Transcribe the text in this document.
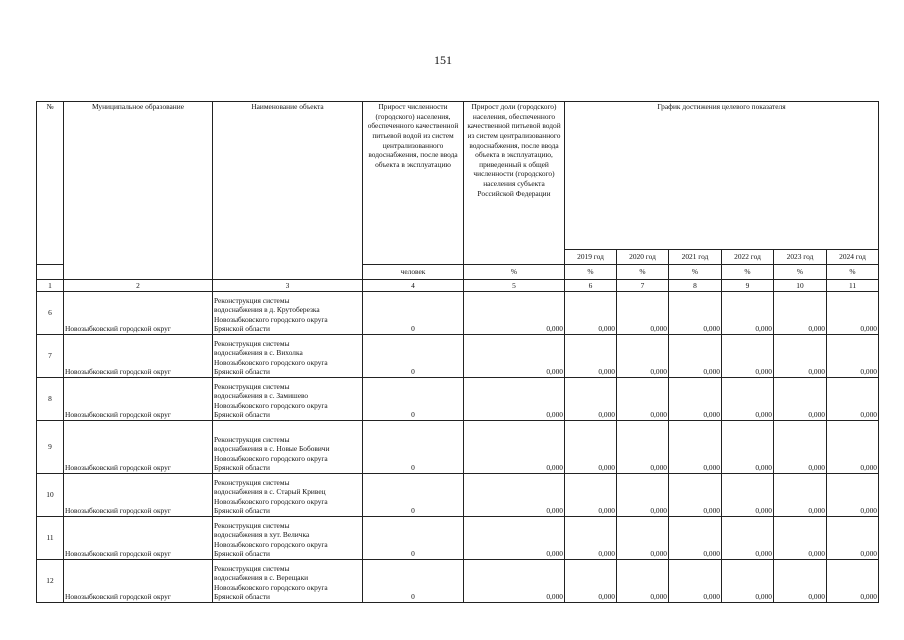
151
№	Муниципальное образование	Наименование объекта	Прирост численности (городского) населения, обеспеченного качественной питьевой водой из систем централизованного водоснабжения, после ввода объекта в эксплуатацию	Прирост доли (городского) населения, обеспеченного качественной питьевой водой из систем централизованного водоснабжения, после ввода объекта в эксплуатацию, приведенный к общей численности (городского) населения субъекта Российской Федерации	График достижения целевого показателя					
					2019 год	2020 год	2021 год	2022 год	2023 год	2024 год
			человек	%	%	%	%	%	%	%
1	2	3	4	5	6	7	8	9	10	11
6	Новозыбковский городской округ	Реконструкция системы
водоснабжения в д. Крутоберезка
Новозыбковского городского округа
Брянской области	0	0,000	0,000	0,000	0,000	0,000	0,000	0,000
7	Новозыбковский городской округ	Реконструкция системы
водоснабжения в с. Вихолка
Новозыбковского городского округа
Брянской области	0	0,000	0,000	0,000	0,000	0,000	0,000	0,000
8	Новозыбковский городской округ	Реконструкция системы
водоснабжения в с. Замишево
Новозыбковского городского округа
Брянской области	0	0,000	0,000	0,000	0,000	0,000	0,000	0,000
9	Новозыбковский городской округ	Реконструкция системы
водоснабжения в с. Новые Бобовичи
Новозыбковского городского округа
Брянской области	0	0,000	0,000	0,000	0,000	0,000	0,000	0,000
10	Новозыбковский городской округ	Реконструкция системы
водоснабжения в с. Старый Кривец
Новозыбковского городского округа
Брянской области	0	0,000	0,000	0,000	0,000	0,000	0,000	0,000
11	Новозыбковский городской округ	Реконструкция системы
водоснабжения в хут. Величка
Новозыбковского городского округа
Брянской области	0	0,000	0,000	0,000	0,000	0,000	0,000	0,000
12	Новозыбковский городской округ	Реконструкция системы
водоснабжения в с. Верещаки
Новозыбковского городского округа
Брянской области	0	0,000	0,000	0,000	0,000	0,000	0,000	0,000
